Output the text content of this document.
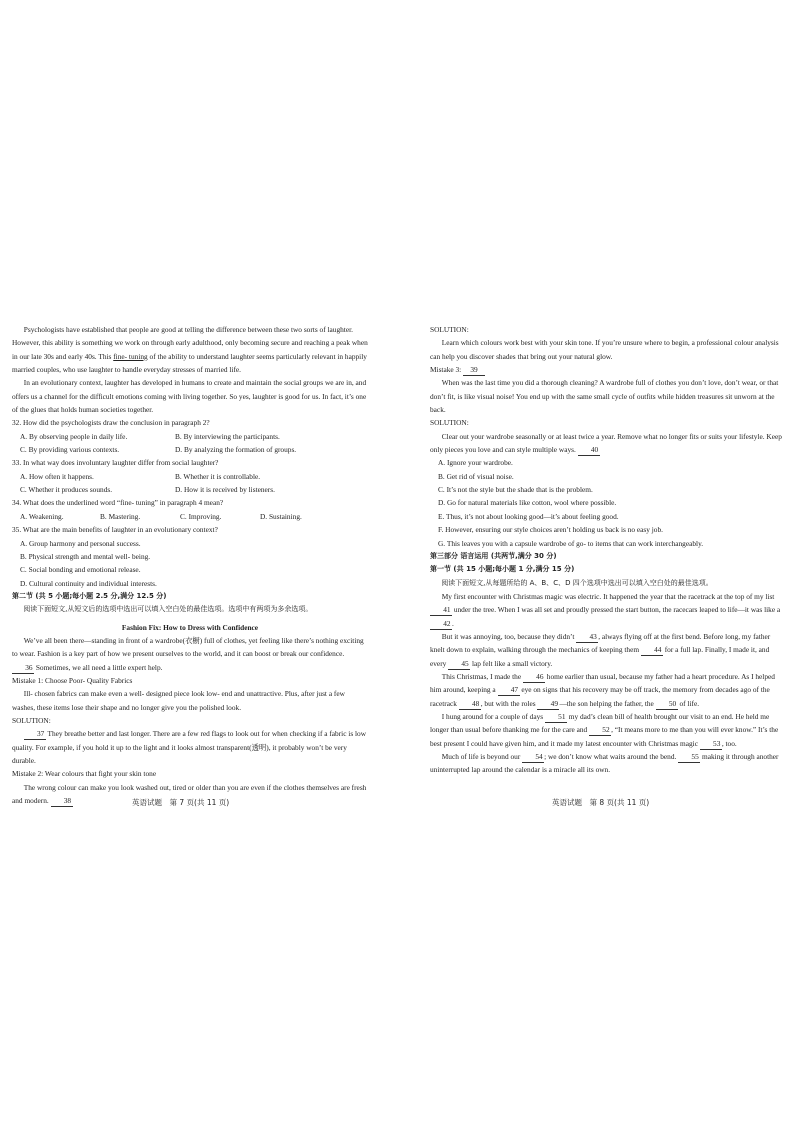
Psychologists have established that people are good at telling the difference between these two sorts of laughter. However, this ability is something we work on through early adulthood, only becoming secure and reaching a peak when in our late 30s and early 40s. This fine- tuning of the ability to understand laughter seems particularly relevant in happily married couples, who use laughter to handle everyday stresses of married life.

In an evolutionary context, laughter has developed in humans to create and maintain the social groups we are in, and offers us a channel for the difficult emotions coming with living together. So yes, laughter is good for us. In fact, it’s one of the glues that holds human societies together.

32. How did the psychologists draw the conclusion in paragraph 2?

A. By observing people in daily life.	B. By interviewing the participants.
C. By providing various contexts.	D. By analyzing the formation of groups.

33. In what way does involuntary laughter differ from social laughter?

A. How often it happens.	B. Whether it is controllable.
C. Whether it produces sounds.	D. How it is received by listeners.

34. What does the underlined word “fine- tuning” in paragraph 4 mean?

A. Weakening.	B. Mastering.	C. Improving.	D. Sustaining.

35. What are the main benefits of laughter in an evolutionary context?

A. Group harmony and personal success.

B. Physical strength and mental well- being.

C. Social bonding and emotional release.

D. Cultural continuity and individual interests.

第二节 (共 5 小题;每小题 2.5 分,满分 12.5 分)

阅读下面短文,从短文后的选项中选出可以填入空白处的最佳选项。选项中有两项为多余选项。

Fashion Fix: How to Dress with Confidence

We’ve all been there—standing in front of a wardrobe(衣橱) full of clothes, yet feeling like there’s nothing exciting to wear. Fashion is a key part of how we present ourselves to the world, and it can boost or break our confidence. 36 Sometimes, we all need a little expert help.

Mistake 1: Choose Poor- Quality Fabrics

Ill- chosen fabrics can make even a well- designed piece look low- end and unattractive. Plus, after just a few washes, these items lose their shape and no longer give you the polished look.

SOLUTION:

37 They breathe better and last longer. There are a few red flags to look out for when checking if a fabric is low quality. For example, if you hold it up to the light and it looks almost transparent(透明), it probably won’t be very durable.

Mistake 2: Wear colours that fight your skin tone

The wrong colour can make you look washed out, tired or older than you are even if the clothes themselves are fresh and modern. 38

SOLUTION:

Learn which colours work best with your skin tone. If you’re unsure where to begin, a professional colour analysis can help you discover shades that bring out your natural glow.

Mistake 3: 39

When was the last time you did a thorough cleaning? A wardrobe full of clothes you don’t love, don’t wear, or that don’t fit, is like visual noise! You end up with the same small cycle of outfits while hidden treasures sit unworn at the back.

SOLUTION:

Clear out your wardrobe seasonally or at least twice a year. Remove what no longer fits or suits your lifestyle. Keep only pieces you love and can style multiple ways. 40

A. Ignore your wardrobe.

B. Get rid of visual noise.

C. It’s not the style but the shade that is the problem.

D. Go for natural materials like cotton, wool where possible.

E. Thus, it’s not about looking good—it’s about feeling good.

F. However, ensuring our style choices aren’t holding us back is no easy job.

G. This leaves you with a capsule wardrobe of go- to items that can work interchangeably.

第三部分 语言运用 (共两节,满分 30 分)

第一节 (共 15 小题;每小题 1 分,满分 15 分)

阅读下面短文,从每题所给的 A、B、C、D 四个选项中选出可以填入空白处的最佳选项。

My first encounter with Christmas magic was electric. It happened the year that the racetrack at the top of my list 41 under the tree. When I was all set and proudly pressed the start button, the racecars leaped to life—it was like a 42.

But it was annoying, too, because they didn’t 43, always flying off at the first bend. Before long, my father knelt down to explain, walking through the mechanics of keeping them 44 for a full lap. Finally, I made it, and every 45 lap felt like a small victory.

This Christmas, I made the 46 home earlier than usual, because my father had a heart procedure. As I helped him around, keeping a 47 eye on signs that his recovery may be off track, the memory from decades ago of the racetrack 48, but with the roles 49—the son helping the father, the 50 of life.

I hung around for a couple of days 51 my dad’s clean bill of health brought our visit to an end. He held me longer than usual before thanking me for the care and 52, “It means more to me than you will ever know.” It’s the best present I could have given him, and it made my latest encounter with Christmas magic 53, too.

Much of life is beyond our 54; we don’t know what waits around the bend. 55 making it through another uninterrupted lap around the calendar is a miracle all its own.

英语试题　第 7 页(共 11 页)	英语试题　第 8 页(共 11 页)
